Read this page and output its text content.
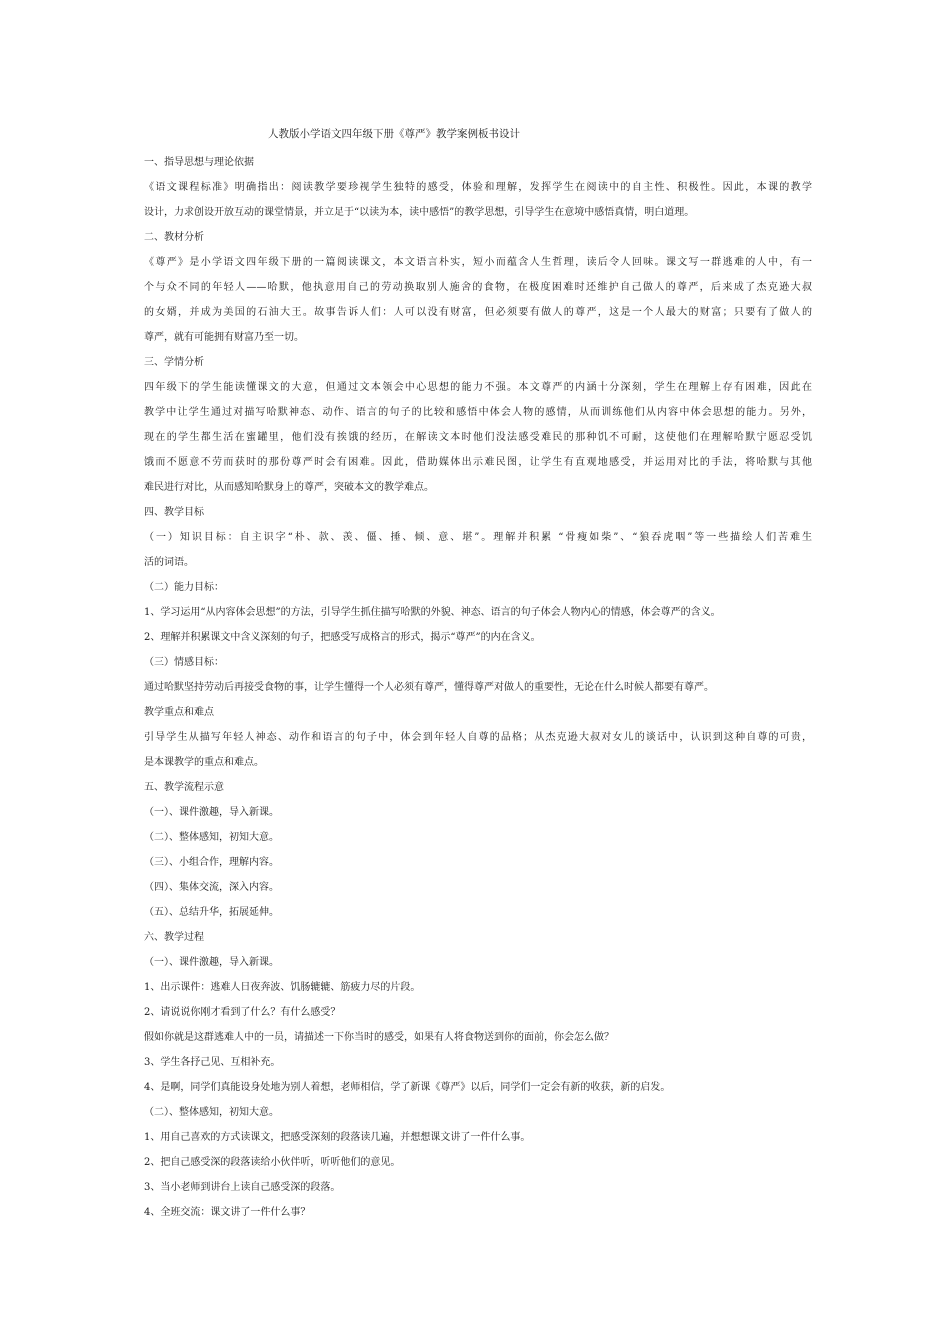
人教版小学语文四年级下册《尊严》教学案例板书设计
一、指导思想与理论依据
《语文课程标准》明确指出：阅读教学要珍视学生独特的感受，体验和理解，发挥学生在阅读中的自主性、积极性。因此，本课的教学
设计，力求创设开放互动的课堂情景，并立足于“以读为本，读中感悟”的教学思想，引导学生在意境中感悟真情，明白道理。
二、教材分析
《尊严》是小学语文四年级下册的一篇阅读课文，本文语言朴实，短小而蕴含人生哲理，读后令人回味。课文写一群逃难的人中，有一
个与众不同的年轻人——哈默，他执意用自己的劳动换取别人施舍的食物，在极度困难时还维护自己做人的尊严，后来成了杰克逊大叔
的女婿，并成为美国的石油大王。故事告诉人们：人可以没有财富，但必须要有做人的尊严，这是一个人最大的财富；只要有了做人的
尊严，就有可能拥有财富乃至一切。
三、学情分析
四年级下的学生能读懂课文的大意，但通过文本领会中心思想的能力不强。本文尊严的内涵十分深刻，学生在理解上存有困难，因此在
教学中让学生通过对描写哈默神态、动作、语言的句子的比较和感悟中体会人物的感情，从而训练他们从内容中体会思想的能力。另外，
现在的学生都生活在蜜罐里，他们没有挨饿的经历，在解读文本时他们没法感受难民的那种饥不可耐，这使他们在理解哈默宁愿忍受饥
饿而不愿意不劳而获时的那份尊严时会有困难。因此，借助媒体出示难民图，让学生有直观地感受，并运用对比的手法，将哈默与其他
难民进行对比，从而感知哈默身上的尊严，突破本文的教学难点。
四、教学目标
（一）知识目标：自主识字“朴、款、羡、僵、捶、倾、意、堪”。理解并积累 “骨瘦如柴”、“狼吞虎咽”等一些描绘人们苦难生
活的词语。
（二）能力目标：
1、学习运用“从内容体会思想”的方法，引导学生抓住描写哈默的外貌、神态、语言的句子体会人物内心的情感，体会尊严的含义。
2、理解并积累课文中含义深刻的句子，把感受写成格言的形式，揭示“尊严”的内在含义。
（三）情感目标：
通过哈默坚持劳动后再接受食物的事，让学生懂得一个人必须有尊严，懂得尊严对做人的重要性，无论在什么时候人都要有尊严。
教学重点和难点
引导学生从描写年轻人神态、动作和语言的句子中，体会到年轻人自尊的品格；从杰克逊大叔对女儿的谈话中，认识到这种自尊的可贵，
是本课教学的重点和难点。
五、教学流程示意
（一）、课件激趣，导入新课。
（二）、整体感知，初知大意。
（三）、小组合作，理解内容。
（四）、集体交流，深入内容。
（五）、总结升华，拓展延伸。
六、教学过程
（一）、课件激趣，导入新课。
1、出示课件：逃难人日夜奔波、饥肠辘辘、筋疲力尽的片段。
2、请说说你刚才看到了什么？有什么感受？
假如你就是这群逃难人中的一员，请描述一下你当时的感受，如果有人将食物送到你的面前，你会怎么做？
3、学生各抒己见、互相补充。
4、是啊，同学们真能设身处地为别人着想，老师相信，学了新课《尊严》以后，同学们一定会有新的收获，新的启发。
（二）、整体感知，初知大意。
1、用自己喜欢的方式读课文，把感受深刻的段落读几遍，并想想课文讲了一件什么事。
2、把自己感受深的段落读给小伙伴听，听听他们的意见。
3、当小老师到讲台上读自己感受深的段落。
4、全班交流：课文讲了一件什么事？
